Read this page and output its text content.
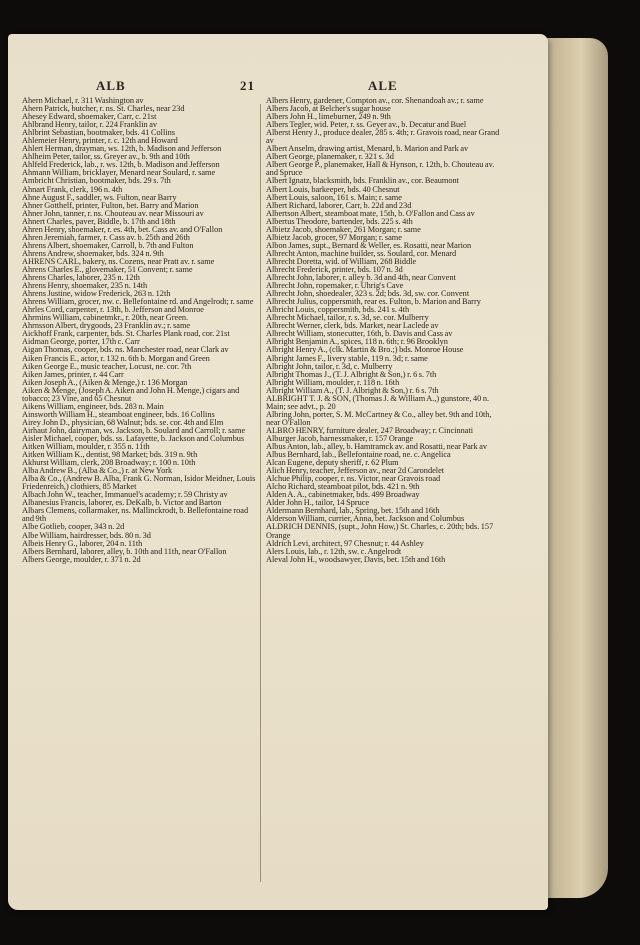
ALB	21	ALE
Ahern Michael, r. 311 Washington av
Ahern Patrick, butcher, r. ns. St. Charles, near 23d
Ahesey Edward, shoemaker, Carr, c. 21st
Ahlbrand Henry, tailor, r. 224 Franklin av
Ahlbrint Sebastian, bootmaker, bds. 41 Collins
Ahlemeier Henry, printer, r. c. 12th and Howard
Ahlert Herman, drayman, ws. 12th, b. Madison and Jefferson
Ahlheim Peter, tailor, ss. Greyer av., b. 9th and 10th
Ahlfeld Frederick, lab., r. ws. 12th, b. Madison and Jefferson
Ahmann William, bricklayer, Menard near Soulard, r. same
Ambricht Christian, bootmaker, bds. 29 s. 7th
Ahnart Frank, clerk, 196 n. 4th
Ahne August F., saddler, ws. Fulton, near Barry
Ahner Gotthelf, printer, Fulton, bet. Barry and Marion
Ahner John, tanner, r. ns. Chouteau av. near Missouri av
Ahnert Charles, paver, Biddle, b. 17th and 18th
Ahren Henry, shoemaker, r. es. 4th, bet. Cass av. and O'Fallon
Ahren Jeremiah, farmer, r. Cass av. b. 25th and 26th
Ahrens Albert, shoemaker, Carroll, b. 7th and Fulton
Ahrens Andrew, shoemaker, bds. 324 n. 9th
AHRENS CARL, bakery, ns. Cozens, near Pratt av. r. same
Ahrens Charles E., glovemaker, 51 Convent; r. same
Ahrens Charles, laborer, 235 n. 12th
Ahrens Henry, shoemaker, 235 n. 14th
Ahrens Justine, widow Frederick, 263 n. 12th
Ahrens William, grocer, nw. c. Bellefontaine rd. and Angelrodt; r. same
Ahrles Cord, carpenter, r. 13th, b. Jefferson and Monroe
Ahrmins William, cabinetmkr., r. 20th, near Green.
Ahrnsson Albert, drygoods, 23 Franklin av.; r. same
Aickhoff Frank, carpenter, bds. St. Charles Plank road, cor. 21st
Aidman George, porter, 17th c. Carr
Aigan Thomas, cooper, bds. ns. Manchester road, near Clark av
Aiken Francis E., actor, r. 132 n. 6th b. Morgan and Green
Aiken George E., music teacher, Locust, ne. cor. 7th
Aiken James, printer, r. 44 Carr
Aiken Joseph A., (Aiken & Menge,) r. 136 Morgan
Aiken & Menge, (Joseph A. Aiken and John H. Menge,) cigars and tobacco; 23 Vine, and 65 Chesnut
Aikens William, engineer, bds. 283 n. Main
Ainsworth William H., steamboat engineer, bds. 16 Collins
Airey John D., physician, 68 Walnut; bds. se. cor. 4th and Elm
Airhaut John, dairyman, ws. Jackson, b. Soulard and Carroll; r. same
Aisler Michael, cooper, bds. ss. Lafayette, b. Jackson and Columbus
Aitken William, moulder, r. 355 n. 11th
Aitken William K., dentist, 98 Market; bds. 319 n. 9th
Akhurst William, clerk, 208 Broadway; r. 100 n. 10th
Alba Andrew B., (Alba & Co.,) r. at New York
Alba & Co., (Andrew B. Alba, Frank G. Norman, Isidor Meidner, Louis Friedenreich,) clothiers, 85 Market
Albach John W., teacher, Immanuel's academy; r. 59 Christy av
Albanesius Francis, laborer, es. DeKalb, b. Victor and Barton
Albars Clemens, collarmaker, ns. Mallinckrodt, b. Bellefontaine road and 9th
Albe Gotlieb, cooper, 343 n. 2d
Albe William, hairdresser, bds. 80 n. 3d
Albeis Henry G., laborer, 204 n. 11th
Albers Bernhard, laborer, alley, b. 10th and 11th, near O'Fallon
Albers George, moulder, r. 371 n. 2d
Albers Henry, gardener, Compton av., cor. Shenandoah av.; r. same
Albers Jacob, at Belcher's sugar house
Albers John H., limeburner, 249 n. 9th
Albers Tegler, wid. Peter, r. ss. Geyer av., b. Decatur and Buel
Alberst Henry J., produce dealer, 285 s. 4th; r. Gravois road, near Grand av
Albert Anselm, drawing artist, Menard, b. Marion and Park av
Albert George, planemaker, r. 321 s. 3d
Albert George P., planemaker, Hall & Hynson, r. 12th, b. Chouteau av. and Spruce
Albert Ignatz, blacksmith, bds. Franklin av., cor. Beaumont
Albert Louis, barkeeper, bds. 40 Chesnut
Albert Louis, saloon, 161 s. Main; r. same
Albert Richard, laborer, Carr, b. 22d and 23d
Albertson Albert, steamboat mate, 15th, b. O'Fallon and Cass av
Albertus Theodore, bartender, bds. 225 s. 4th
Albietz Jacob, shoemaker, 261 Morgan; r. same
Albietz Jacob, grocer, 97 Morgan; r. same
Albon James, supt., Bernard & Weller, es. Rosatti, near Marion
Albrecht Anton, machine builder, ss. Soulard, cor. Menard
Albrecht Doretta, wid. of William, 268 Biddle
Albrecht Frederick, printer, bds. 107 n. 3d
Albrecht John, laborer, r. alley b. 3d and 4th, near Convent
Albrecht John, ropemaker, r. Uhrig's Cave
Albrecht John, shoedealer, 323 s. 2d; bds. 3d, sw. cor. Convent
Albrecht Julius, coppersmith, rear es. Fulton, b. Marion and Barry
Albricht Louis, coppersmith, bds. 241 s. 4th
Albrecht Michael, tailor, r. s. 3d, se. cor. Mulberry
Albrecht Werner, clerk, bds. Market, near Laclede av
Albrecht William, stonecutter, 16th, b. Davis and Cass av
Albright Benjamin A., spices, 118 n. 6th; r. 96 Brooklyn
Albright Henry A., (clk. Martin & Bro.;) bds. Monroe House
Albright James F., livery stable, 119 n. 3d; r. same
Albright John, tailor, r. 3d, c. Mulberry
Albright Thomas J., (T. J. Albright & Son,) r. 6 s. 7th
Albright William, moulder, r. 118 n. 16th
Albright William A., (T. J. Albright & Son,) r. 6 s. 7th
ALBRIGHT T. J. & SON, (Thomas J. & William A.,) gunstore, 40 n. Main; see advt., p. 20
Albring John, porter, S. M. McCartney & Co., alley bet. 9th and 10th, near O'Fallon
ALBRO HENRY, furniture dealer, 247 Broadway; r. Cincinnati
Alburger Jacob, harnessmaker, r. 157 Orange
Albus Anton, lab., alley, b. Hamtramck av. and Rosatti, near Park av
Albus Bernhard, lab., Bellefontaine road, ne. c. Angelica
Alcan Eugene, deputy sheriff, r. 62 Plum
Alich Henry, teacher, Jefferson av., near 2d Carondelet
Alchue Philip, cooper, r. ns. Victor, near Gravois road
Alcho Richard, steamboat pilot, bds. 421 n. 9th
Alden A. A., cabinetmaker, bds. 499 Broadway
Alder John H., tailor, 14 Spruce
Aldermann Bernhard, lab., Spring, bet. 15th and 16th
Alderson William, currier, Anna, bet. Jackson and Columbus
ALDRICH DENNIS, (supt., John How,) St. Charles, c. 20th; bds. 157 Orange
Aldrich Levi, architect, 97 Chesnut; r. 44 Ashley
Alers Louis, lab., r. 12th, sw. c. Angelrodt
Aleval John H., woodsawyer, Davis, bet. 15th and 16th
